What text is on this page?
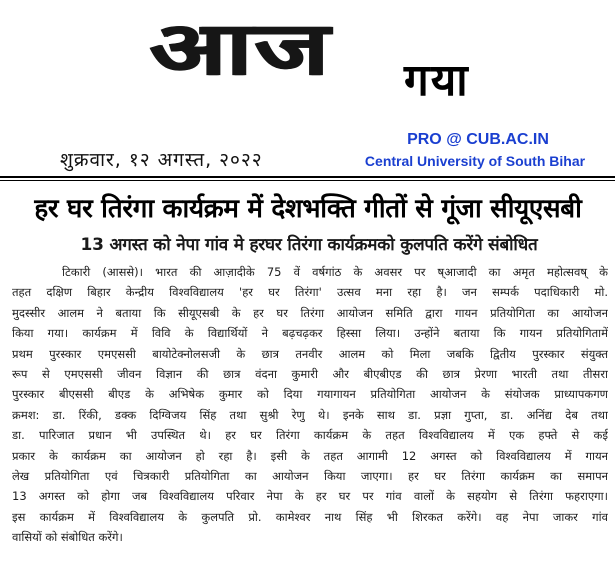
आज गया
PRO @ CUB.AC.IN
Central University of South Bihar
शुक्रवार, १२ अगस्त, २०२२
हर घर तिरंगा कार्यक्रम में देशभक्ति गीतों से गूंजा सीयूएसबी
13 अगस्त को नेपा गांव मे हरघर तिरंगा कार्यक्रमको कुलपति करेंगे संबोधित
टिकारी (आससे)। भारत की आज़ादीके 75 वें वर्षगांठ के अवसर पर ष्आजादी का अमृत महोत्सवष् के
तहत दक्षिण बिहार केन्द्रीय विश्वविद्यालय 'हर घर तिरंगा' उत्सव मना रहा है। जन सम्पर्क पदाधिकारी मो.
मुदस्सीर आलम ने बताया कि सीयूएसबी के हर घर तिरंगा आयोजन समिति द्वारा गायन प्रतियोगिता का आयोजन
किया गया। कार्यक्रम में विवि के विद्यार्थियों ने बढ़चढ़कर हिस्सा लिया। उन्होंने बताया कि गायन प्रतियोगितामें
प्रथम पुरस्कार एमएससी बायोटेक्नोलसजी के छात्र तनवीर आलम को मिला जबकि द्वितीय पुरस्कार संयुक्त
रूप से एमएससी जीवन विज्ञान की छात्र वंदना कुमारी और बीएबीएड की छात्र प्रेरणा भारती तथा तीसरा
पुरस्कार बीएससी बीएड के अभिषेक कुमार को दिया गयागायन प्रतियोगिता आयोजन के संयोजक प्राध्यापकगण
क्रमश: डा. रिंकी, डक्क दिग्विजय सिंह तथा सुश्री रेणु थे। इनके साथ डा. प्रज्ञा गुप्ता, डा. अनिंद्य देब तथा
डा. पारिजात प्रधान भी उपस्थित थे। हर घर तिरंगा कार्यक्रम के तहत विश्वविद्यालय में एक हफ्ते से कई
प्रकार के कार्यक्रम का आयोजन हो रहा है। इसी के तहत आगामी 12 अगस्त को विश्वविद्यालय में गायन
लेख प्रतियोगिता एवं चित्रकारी प्रतियोगिता का आयोजन किया जाएगा। हर घर तिरंगा कार्यक्रम का समापन
13 अगस्त को होगा जब विश्वविद्यालय परिवार नेपा के हर घर पर गांव वालों के सहयोग से तिरंगा फहराएगा।
इस कार्यक्रम में विश्वविद्यालय के कुलपति प्रो. कामेश्वर नाथ सिंह भी शिरकत करेंगे। वह नेपा जाकर गांव
वासियों को संबोधित करेंगे।
